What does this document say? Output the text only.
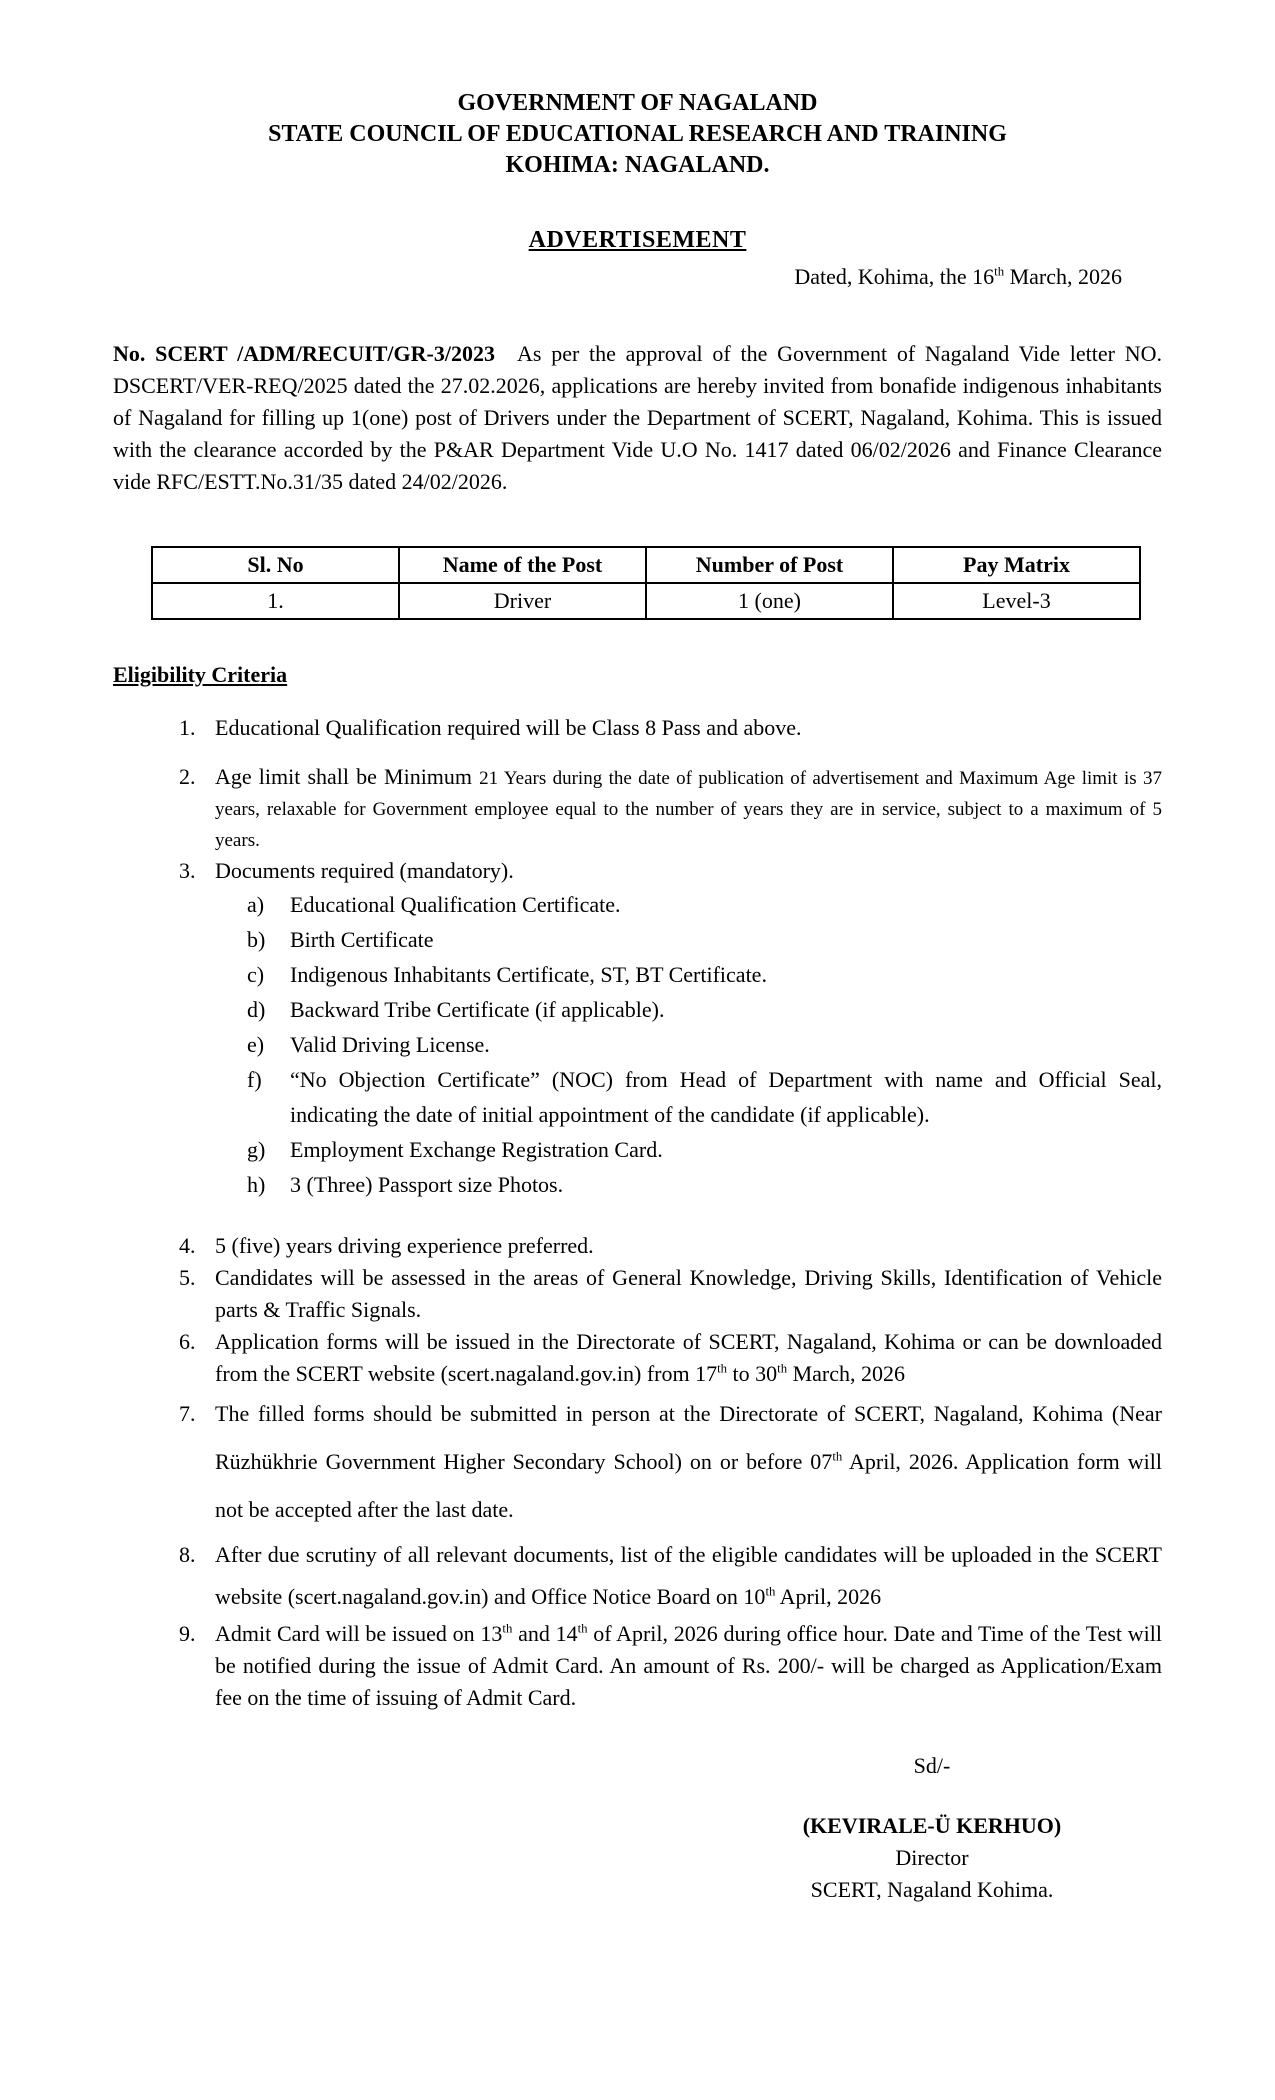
GOVERNMENT OF NAGALAND
STATE COUNCIL OF EDUCATIONAL RESEARCH AND TRAINING
KOHIMA: NAGALAND.
ADVERTISEMENT
Dated, Kohima, the 16th March, 2026

No. SCERT /ADM/RECUIT/GR-3/2023 As per the approval of the Government of Nagaland Vide letter NO. DSCERT/VER-REQ/2025 dated the 27.02.2026, applications are hereby invited from bonafide indigenous inhabitants of Nagaland for filling up 1(one) post of Drivers under the Department of SCERT, Nagaland, Kohima. This is issued with the clearance accorded by the P&AR Department Vide U.O No. 1417 dated 06/02/2026 and Finance Clearance vide RFC/ESTT.No.31/35 dated 24/02/2026.

Sl. No	Name of the Post	Number of Post	Pay Matrix
1.	Driver	1 (one)	Level-3
Eligibility Criteria
1. Educational Qualification required will be Class 8 Pass and above.
2. Age limit shall be Minimum 21 Years during the date of publication of advertisement and Maximum Age limit is 37 years, relaxable for Government employee equal to the number of years they are in service, subject to a maximum of 5 years.
3. Documents required (mandatory).
a)	Educational Qualification Certificate.
b)	Birth Certificate
c)	Indigenous Inhabitants Certificate, ST, BT Certificate.
d)	Backward Tribe Certificate (if applicable).
e)	Valid Driving License.
f)	“No Objection Certificate” (NOC) from Head of Department with name and Official Seal, indicating the date of initial appointment of the candidate (if applicable).
g)	Employment Exchange Registration Card.
h)	3 (Three) Passport size Photos.
4. 5 (five) years driving experience preferred.
5. Candidates will be assessed in the areas of General Knowledge, Driving Skills, Identification of Vehicle parts & Traffic Signals.
6. Application forms will be issued in the Directorate of SCERT, Nagaland, Kohima or can be downloaded from the SCERT website (scert.nagaland.gov.in) from 17th to 30th March, 2026
7. The filled forms should be submitted in person at the Directorate of SCERT, Nagaland, Kohima (Near Rüzhükhrie Government Higher Secondary School) on or before 07th April, 2026. Application form will not be accepted after the last date.
8. After due scrutiny of all relevant documents, list of the eligible candidates will be uploaded in the SCERT website (scert.nagaland.gov.in) and Office Notice Board on 10th April, 2026
9. Admit Card will be issued on 13th and 14th of April, 2026 during office hour. Date and Time of the Test will be notified during the issue of Admit Card. An amount of Rs. 200/- will be charged as Application/Exam fee on the time of issuing of Admit Card.
Sd/-
(KEVIRALE-Ü KERHUO)
Director
SCERT, Nagaland Kohima.
